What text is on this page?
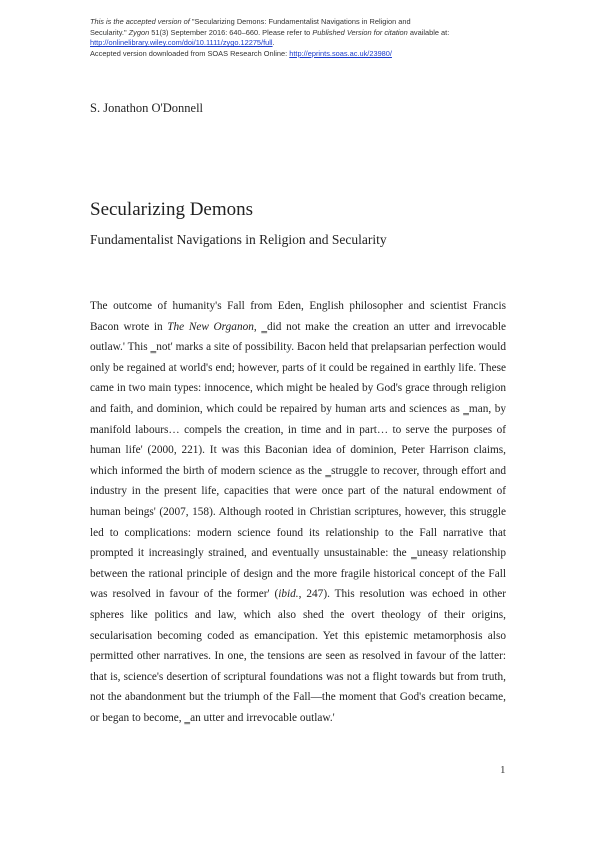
This is the accepted version of "Secularizing Demons: Fundamentalist Navigations in Religion and
Secularity." Zygon 51(3) September 2016: 640–660. Please refer to Published Version for citation available at:
http://onlinelibrary.wiley.com/doi/10.1111/zygo.12275/full.
Accepted version downloaded from SOAS Research Online: http://eprints.soas.ac.uk/23980/
S. Jonathon O'Donnell
Secularizing Demons
Fundamentalist Navigations in Religion and Secularity

The outcome of humanity's Fall from Eden, English philosopher and scientist Francis Bacon wrote in The New Organon, ‗did not make the creation an utter and irrevocable outlaw.' This ‗not' marks a site of possibility. Bacon held that prelapsarian perfection would only be regained at world's end; however, parts of it could be regained in earthly life. These came in two main types: innocence, which might be healed by God's grace through religion and faith, and dominion, which could be repaired by human arts and sciences as ‗man, by manifold labours… compels the creation, in time and in part… to serve the purposes of human life' (2000, 221). It was this Baconian idea of dominion, Peter Harrison claims, which informed the birth of modern science as the ‗struggle to recover, through effort and industry in the present life, capacities that were once part of the natural endowment of human beings' (2007, 158). Although rooted in Christian scriptures, however, this struggle led to complications: modern science found its relationship to the Fall narrative that prompted it increasingly strained, and eventually unsustainable: the ‗uneasy relationship between the rational principle of design and the more fragile historical concept of the Fall was resolved in favour of the former' (ibid., 247). This resolution was echoed in other spheres like politics and law, which also shed the overt theology of their origins, secularisation becoming coded as emancipation. Yet this epistemic metamorphosis also permitted other narratives. In one, the tensions are seen as resolved in favour of the latter: that is, science's desertion of scriptural foundations was not a flight towards but from truth, not the abandonment but the triumph of the Fall—the moment that God's creation became, or began to become, ‗an utter and irrevocable outlaw.'

1
